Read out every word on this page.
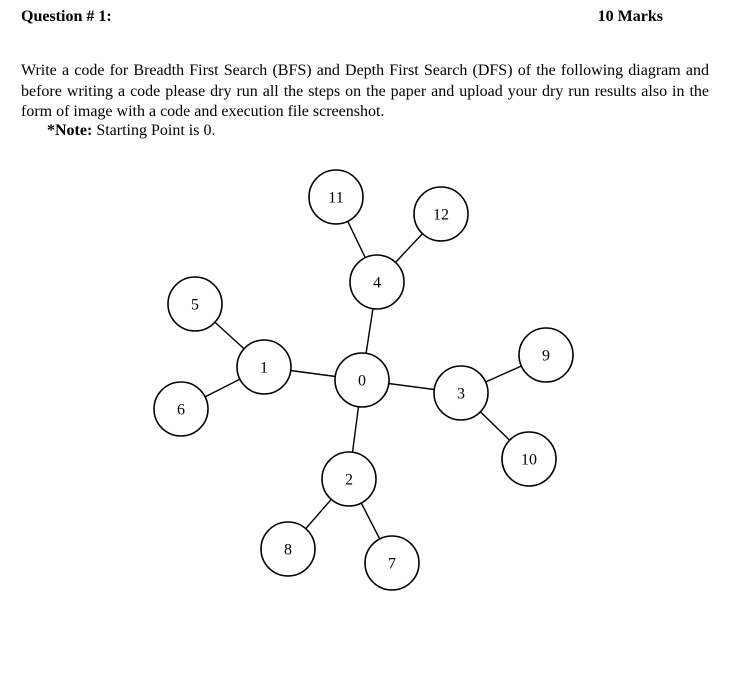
Question # 1:	10 Marks
Write a code for Breadth First Search (BFS) and Depth First Search (DFS) of the following diagram and before writing a code please dry run all the steps on the paper and upload your dry run results also in the form of image with a code and execution file screenshot.
*Note: Starting Point is 0.
0
1
2
3
4
5
6
7
8
9
10
11
12
